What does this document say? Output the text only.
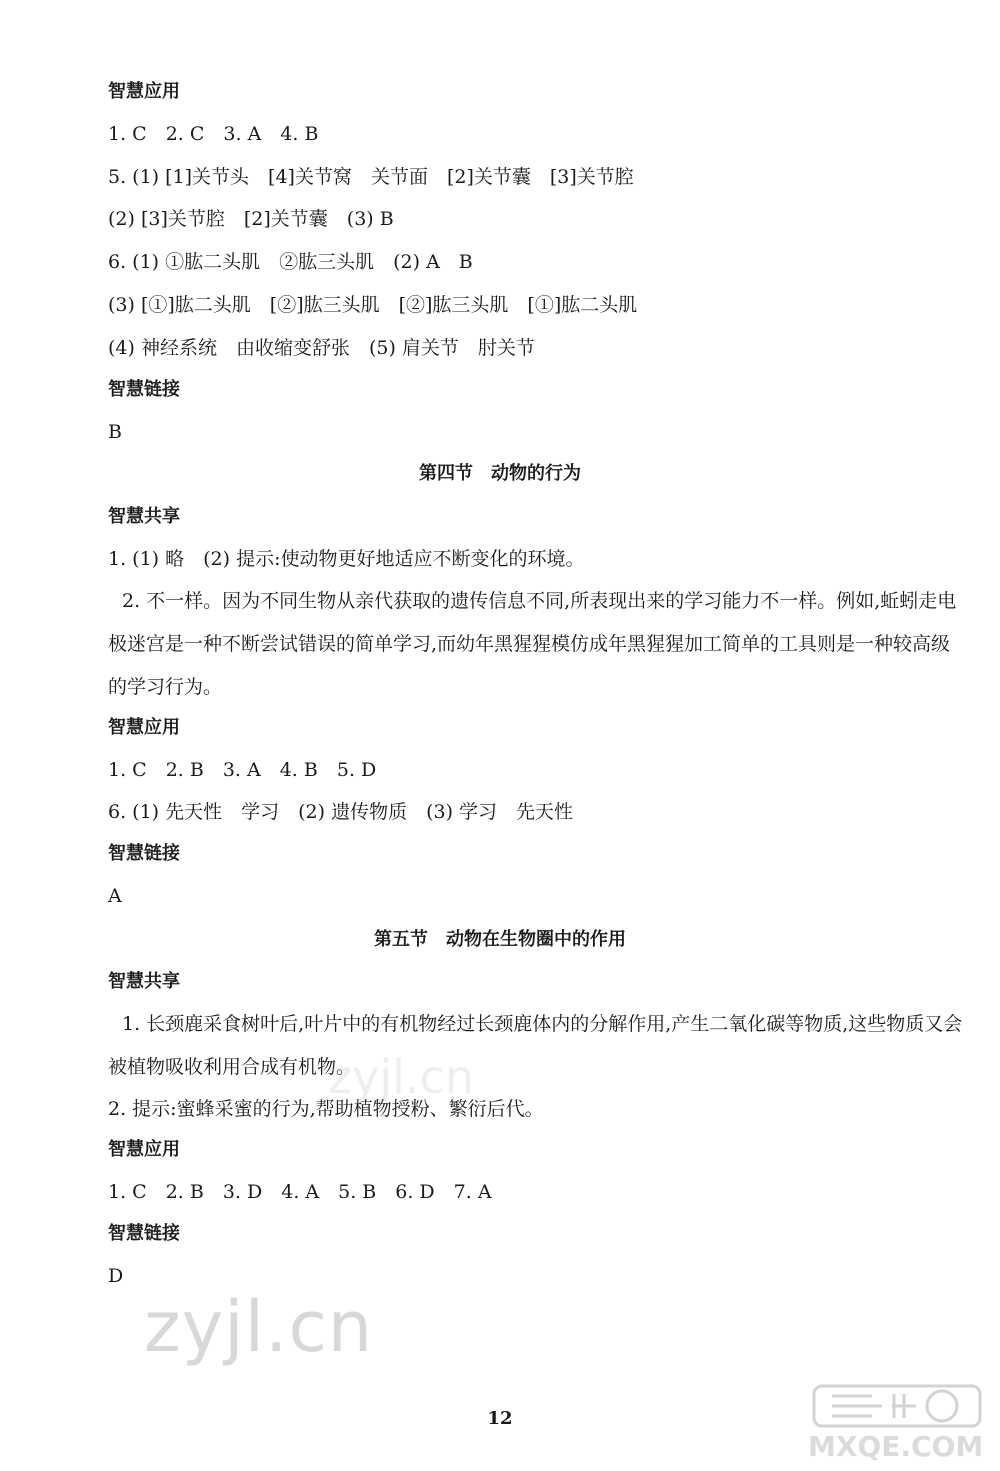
智慧应用
1. C　2. C　3. A　4. B
5. (1) [1]关节头　[4]关节窝　关节面　[2]关节囊　[3]关节腔
(2) [3]关节腔　[2]关节囊　(3) B
6. (1) ①肱二头肌　②肱三头肌　(2) A　B
(3) [①]肱二头肌　[②]肱三头肌　[②]肱三头肌　[①]肱二头肌
(4) 神经系统　由收缩变舒张　(5) 肩关节　肘关节
智慧链接
B
第四节　动物的行为
智慧共享
1. (1) 略　(2) 提示:使动物更好地适应不断变化的环境。
2. 不一样。因为不同生物从亲代获取的遗传信息不同,所表现出来的学习能力不一样。例如,蚯蚓走电极迷宫是一种不断尝试错误的简单学习,而幼年黑猩猩模仿成年黑猩猩加工简单的工具则是一种较高级的学习行为。
智慧应用
1. C　2. B　3. A　4. B　5. D
6. (1) 先天性　学习　(2) 遗传物质　(3) 学习　先天性
智慧链接
A
第五节　动物在生物圈中的作用
智慧共享
1. 长颈鹿采食树叶后,叶片中的有机物经过长颈鹿体内的分解作用,产生二氧化碳等物质,这些物质又会被植物吸收利用合成有机物。
2. 提示:蜜蜂采蜜的行为,帮助植物授粉、繁衍后代。
智慧应用
1. C　2. B　3. D　4. A　5. B　6. D　7. A
智慧链接
D
zyjl.cn
zyjl.cn
MXQE.COM
12
